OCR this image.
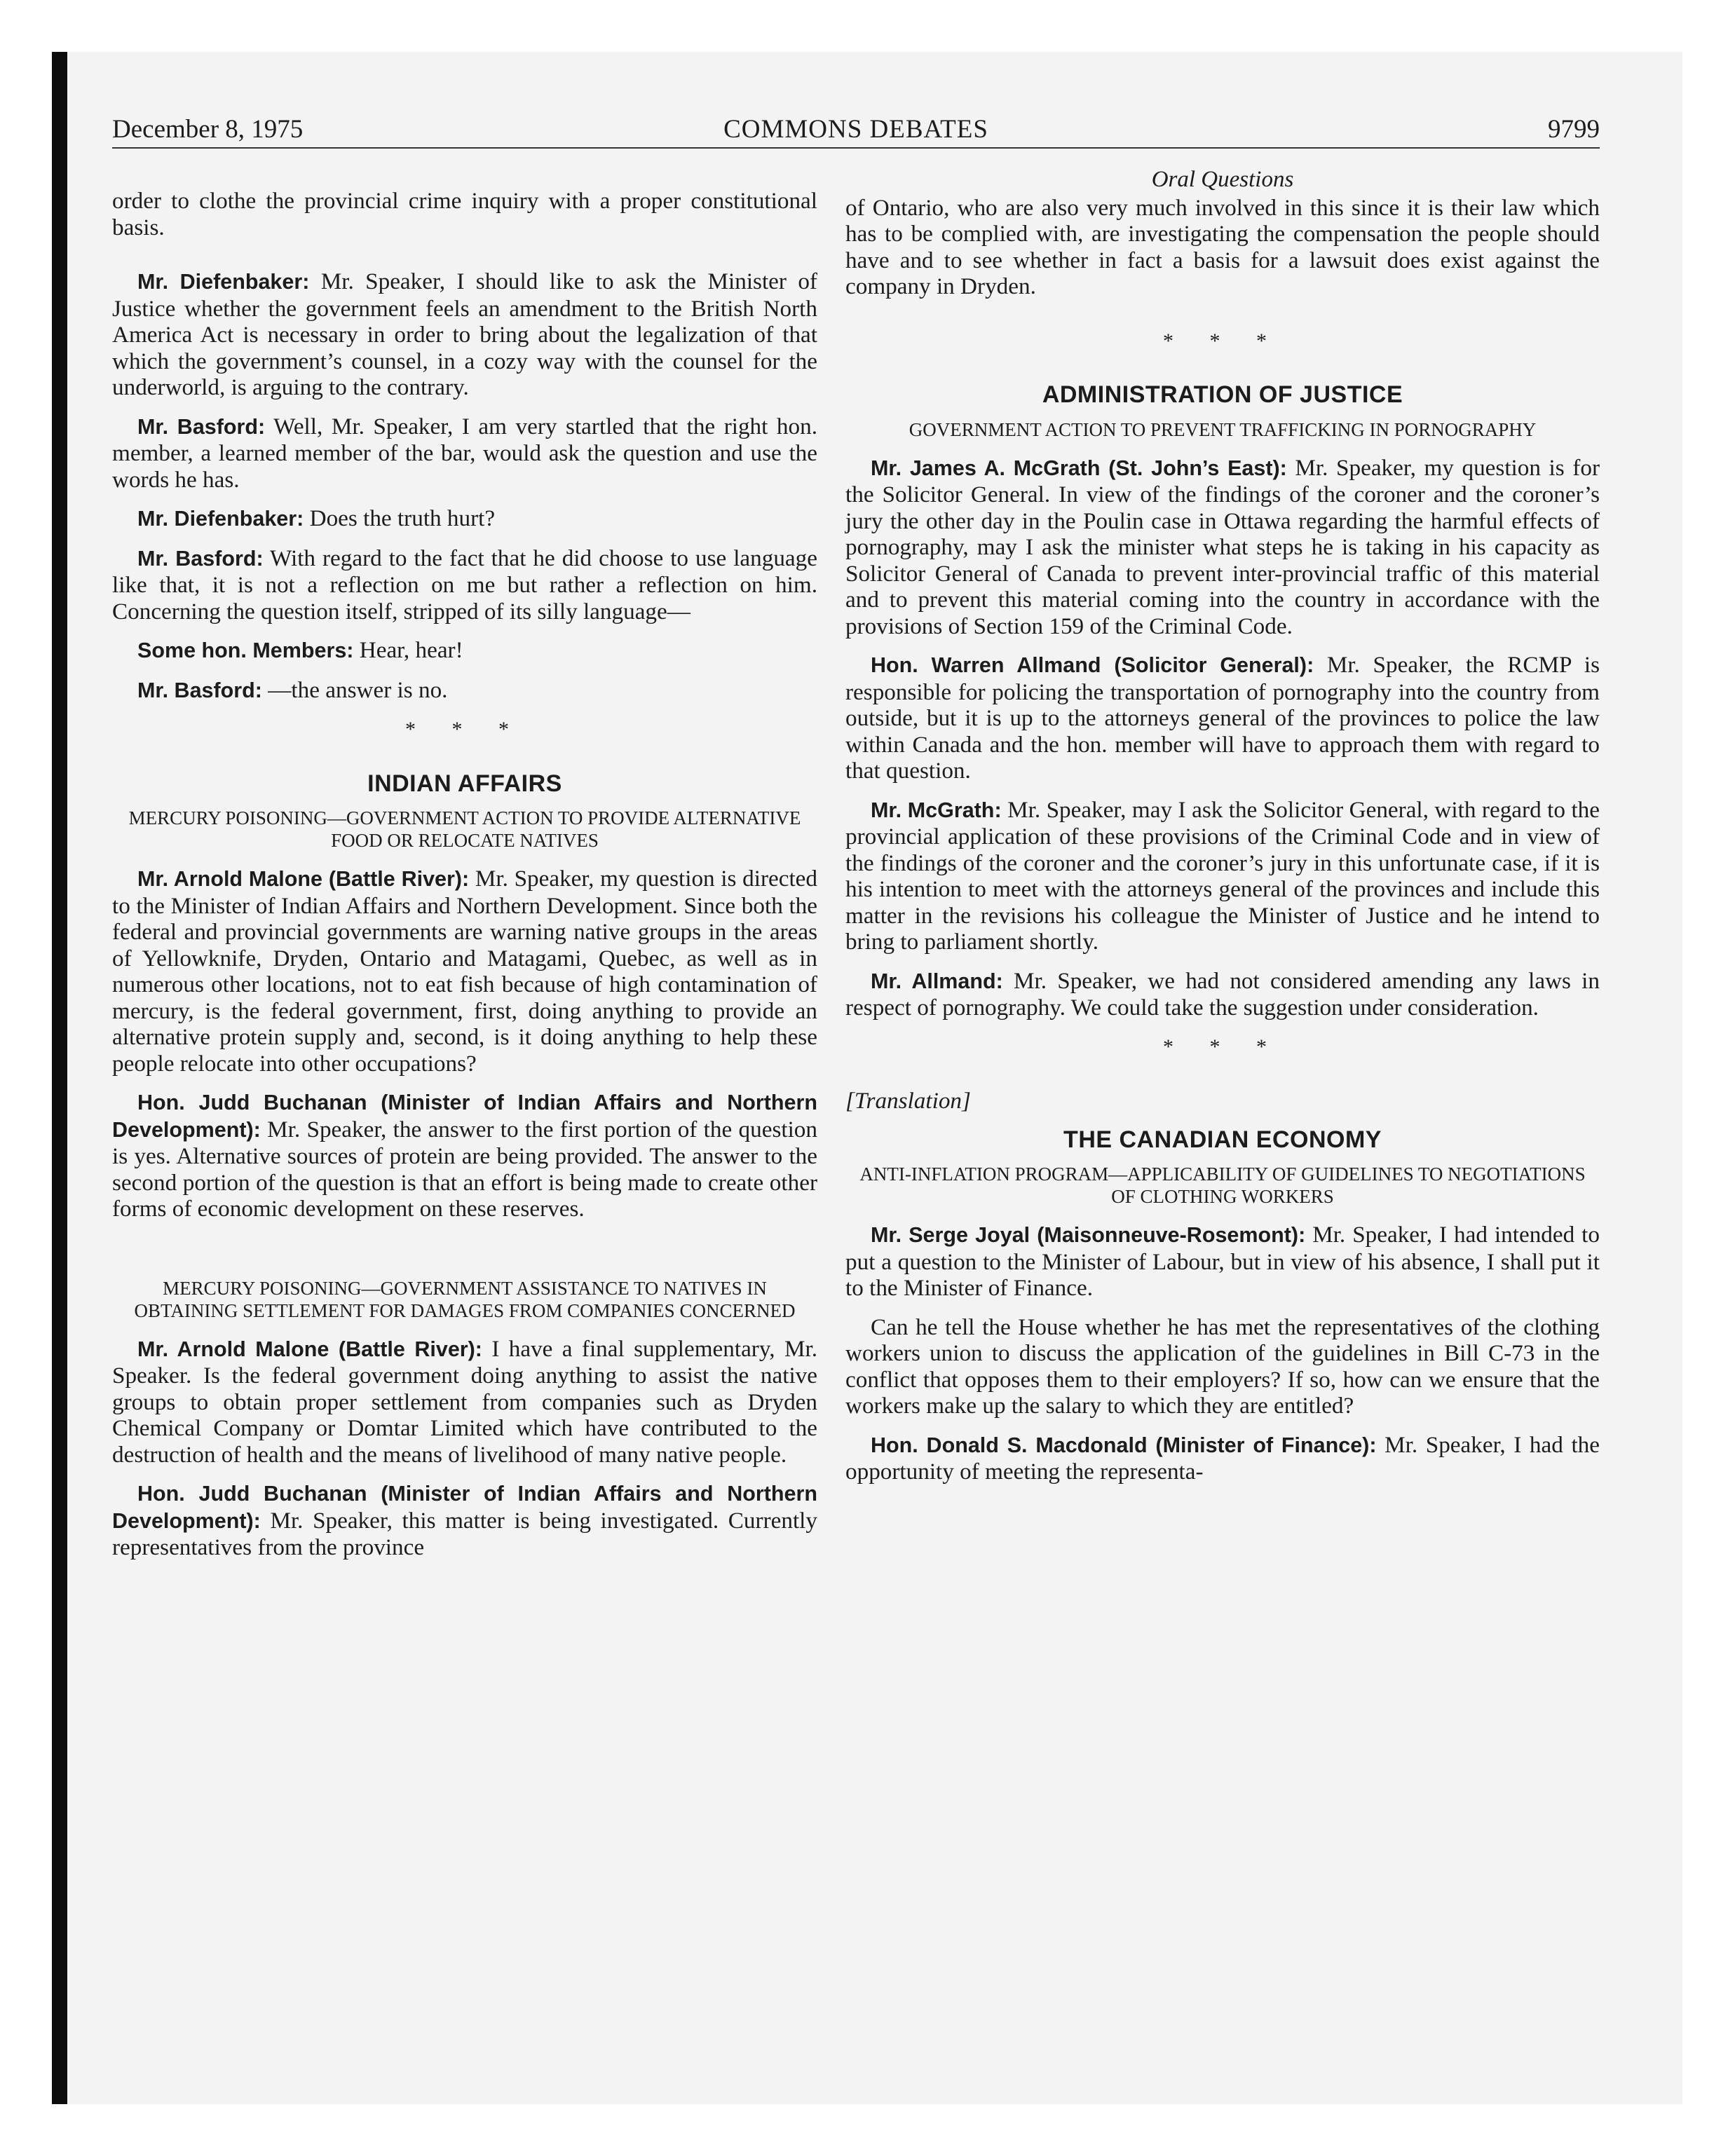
December 8, 1975	COMMONS DEBATES	9799

order to clothe the provincial crime inquiry with a proper constitutional basis.

Mr. Diefenbaker: Mr. Speaker, I should like to ask the Minister of Justice whether the government feels an amendment to the British North America Act is necessary in order to bring about the legalization of that which the government’s counsel, in a cozy way with the counsel for the underworld, is arguing to the contrary.

Mr. Basford: Well, Mr. Speaker, I am very startled that the right hon. member, a learned member of the bar, would ask the question and use the words he has.

Mr. Diefenbaker: Does the truth hurt?

Mr. Basford: With regard to the fact that he did choose to use language like that, it is not a reflection on me but rather a reflection on him. Concerning the question itself, stripped of its silly language—

Some hon. Members: Hear, hear!

Mr. Basford: —the answer is no.

* * *
INDIAN AFFAIRS
MERCURY POISONING—GOVERNMENT ACTION TO PROVIDE ALTERNATIVE FOOD OR RELOCATE NATIVES

Mr. Arnold Malone (Battle River): Mr. Speaker, my question is directed to the Minister of Indian Affairs and Northern Development. Since both the federal and provincial governments are warning native groups in the areas of Yellowknife, Dryden, Ontario and Matagami, Quebec, as well as in numerous other locations, not to eat fish because of high contamination of mercury, is the federal government, first, doing anything to provide an alternative protein supply and, second, is it doing anything to help these people relocate into other occupations?

Hon. Judd Buchanan (Minister of Indian Affairs and Northern Development): Mr. Speaker, the answer to the first portion of the question is yes. Alternative sources of protein are being provided. The answer to the second portion of the question is that an effort is being made to create other forms of economic development on these reserves.

MERCURY POISONING—GOVERNMENT ASSISTANCE TO NATIVES IN OBTAINING SETTLEMENT FOR DAMAGES FROM COMPANIES CONCERNED

Mr. Arnold Malone (Battle River): I have a final supplementary, Mr. Speaker. Is the federal government doing anything to assist the native groups to obtain proper settlement from companies such as Dryden Chemical Company or Domtar Limited which have contributed to the destruction of health and the means of livelihood of many native people.

Hon. Judd Buchanan (Minister of Indian Affairs and Northern Development): Mr. Speaker, this matter is being investigated. Currently representatives from the province

Oral Questions

of Ontario, who are also very much involved in this since it is their law which has to be complied with, are investigating the compensation the people should have and to see whether in fact a basis for a lawsuit does exist against the company in Dryden.

* * *
ADMINISTRATION OF JUSTICE
GOVERNMENT ACTION TO PREVENT TRAFFICKING IN PORNOGRAPHY

Mr. James A. McGrath (St. John’s East): Mr. Speaker, my question is for the Solicitor General. In view of the findings of the coroner and the coroner’s jury the other day in the Poulin case in Ottawa regarding the harmful effects of pornography, may I ask the minister what steps he is taking in his capacity as Solicitor General of Canada to prevent inter-provincial traffic of this material and to prevent this material coming into the country in accordance with the provisions of Section 159 of the Criminal Code.

Hon. Warren Allmand (Solicitor General): Mr. Speaker, the RCMP is responsible for policing the transportation of pornography into the country from outside, but it is up to the attorneys general of the provinces to police the law within Canada and the hon. member will have to approach them with regard to that question.

Mr. McGrath: Mr. Speaker, may I ask the Solicitor General, with regard to the provincial application of these provisions of the Criminal Code and in view of the findings of the coroner and the coroner’s jury in this unfortunate case, if it is his intention to meet with the attorneys general of the provinces and include this matter in the revisions his colleague the Minister of Justice and he intend to bring to parliament shortly.

Mr. Allmand: Mr. Speaker, we had not considered amending any laws in respect of pornography. We could take the suggestion under consideration.

* * *

[Translation]

THE CANADIAN ECONOMY
ANTI-INFLATION PROGRAM—APPLICABILITY OF GUIDELINES TO NEGOTIATIONS OF CLOTHING WORKERS

Mr. Serge Joyal (Maisonneuve-Rosemont): Mr. Speaker, I had intended to put a question to the Minister of Labour, but in view of his absence, I shall put it to the Minister of Finance.

Can he tell the House whether he has met the representatives of the clothing workers union to discuss the application of the guidelines in Bill C-73 in the conflict that opposes them to their employers? If so, how can we ensure that the workers make up the salary to which they are entitled?

Hon. Donald S. Macdonald (Minister of Finance): Mr. Speaker, I had the opportunity of meeting the representa-
